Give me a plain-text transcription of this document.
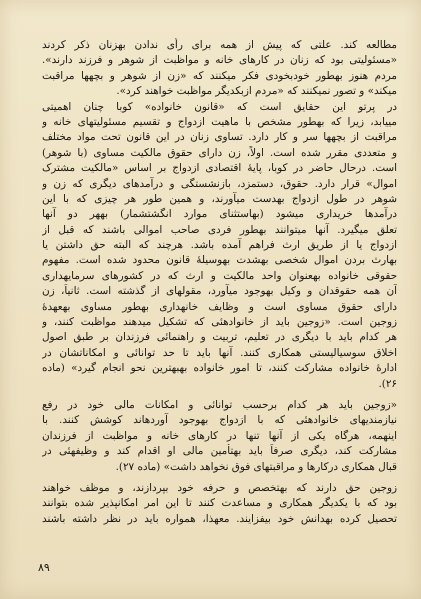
مطالعه کند. علتی که پیش از همه برای رأی ندادن بهزنان ذکر کردند
«مسئولیتی بود که زنان در کارهای خانه و مواظبت از شوهر و فرزند دارند».
مردم هنوز بهطور خودبخودی فکر میکنند که «زن از شوهر و بچهها مراقبت
میکند» و تصور نمیکنند که «مردم ازبکدیگر مواظبت خواهند کرد».
در پرتو این حقایق است که «قانون خانواده» کوبا چنان اهمیتی
مییابد، زیرا که بهطور مشخص با ماهیت ازدواج و تقسیم مسئولیتهای خانه و
مراقبت از بچهها سر و کار دارد. تساوی زنان در این قانون تحت مواد مختلف
و متعددی مقرر شده است. اولاً، زن دارای حقوق مالکیت مساوی (با شوهر)
است. درحال حاضر در کوبا، پایهٔ اقتصادی ازدواج بر اساس «مالکیت مشترک
اموال» قرار دارد. حقوق، دستمزد، بازنشستگی و درآمدهای دیگری که زن و
شوهر در طول ازدواج بهدست میآورند، و همین طور هر چیزی که با این
درآمدها خریداری میشود (بهاستثنای موارد انگشتشمار) بههر دو آنها
تعلق میگیرد. آنها میتوانند بهطور فردی صاحب اموالی باشند که قبل از
ازدواج یا از طریق ارث فراهم آمده باشد. هرچند که البته حق داشتن یا
بهارث بردن اموال شخصی بهشدت بهوسیلهٔ قانون محدود شده است. مفهوم
حقوقی خانواده بهعنوان واحد مالکیت و ارث که در کشورهای سرمایهداری
آن همه حقوقدان و وکیل بهوجود میآورد، مقولهای از گذشته است. ثانیاً، زن
دارای حقوق مساوی است و وظایف خانهداری بهطور مساوی بهعهدهٔ
زوجین است. «زوجین باید از خانوادهئی که تشکیل میدهند مواظبت کنند، و
هر کدام باید با دیگری در تعلیم، تربیت و راهنمائی فرزندان بر طبق اصول
اخلاق سوسیالیستی همکاری کنند. آنها باید تا حد توانائی و امکاناتشان در
ادارهٔ خانواده مشارکت کنند، تا امور خانواده بهبهترین نحو انجام گیرد» (ماده
۲۶).
«زوجین باید هر کدام برحسب توانائی و امکانات مالی خود در رفع
نیازمندیهای خانوادهئی که با ازدواج بهوجود آوردهاند کوشش کنند. با
اینهمه، هرگاه یکی از آنها تنها در کارهای خانه و مواظبت از فرزندان
مشارکت کند، دیگری صرفاً باید بهتأمین مالی او اقدام کند و وظیفهئی در
قبال همکاری درکارها و مراقبتهای فوق نخواهد داشت» (ماده ۲۷).
زوجین حق دارند که بهتخصص و حرفه خود بپردازند، و موظف خواهند
بود که با یکدیگر همکاری و مساعدت کنند تا این امر امکانپذیر شده بتوانند
تحصیل کرده بهدانش خود بیفزایند. معهذا، همواره باید در نظر داشته باشند
۸۹
